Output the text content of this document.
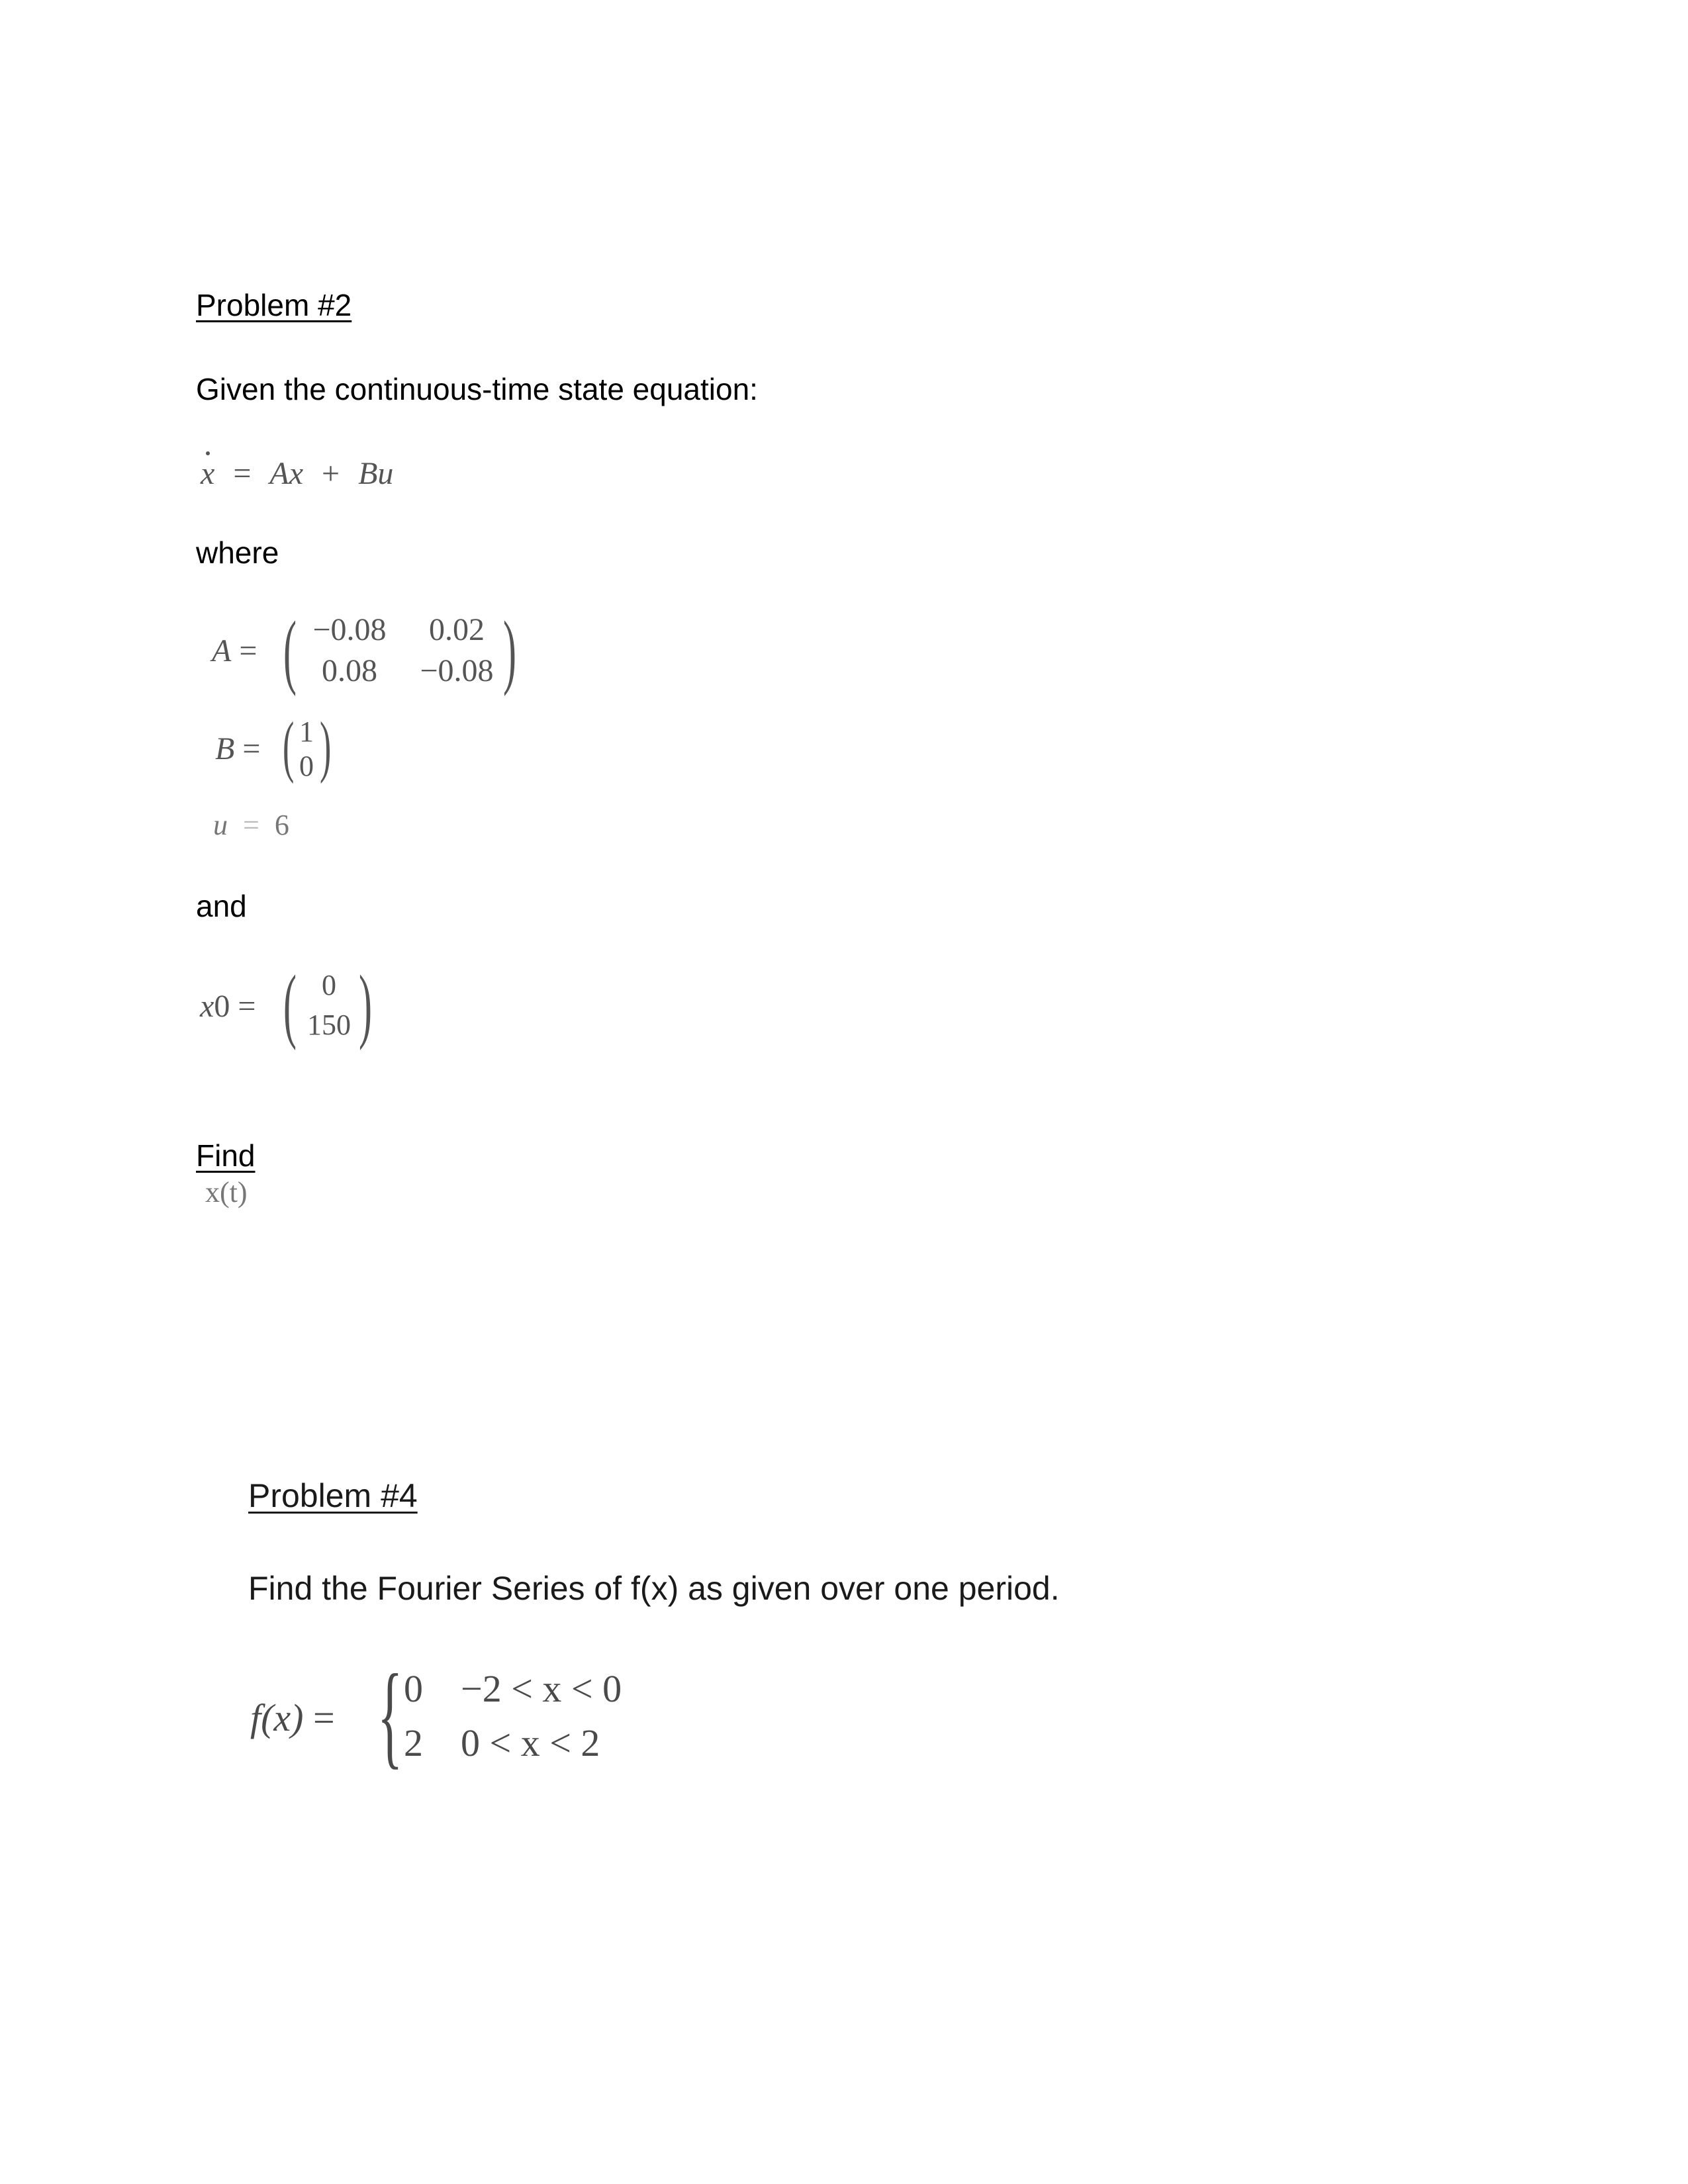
Problem #2
Given the continuous-time state equation:
x = Ax + Bu
where
A = ( −0.08	0.02
0.08	−0.08 )
B = ( 1
0 )
u = 6
and
x0 = ( 0
150 )
Find
x(t)
Problem #4
Find the Fourier Series of f(x) as given over one period.
f(x) = { 0 −2 < x < 0
2 0 < x < 2
